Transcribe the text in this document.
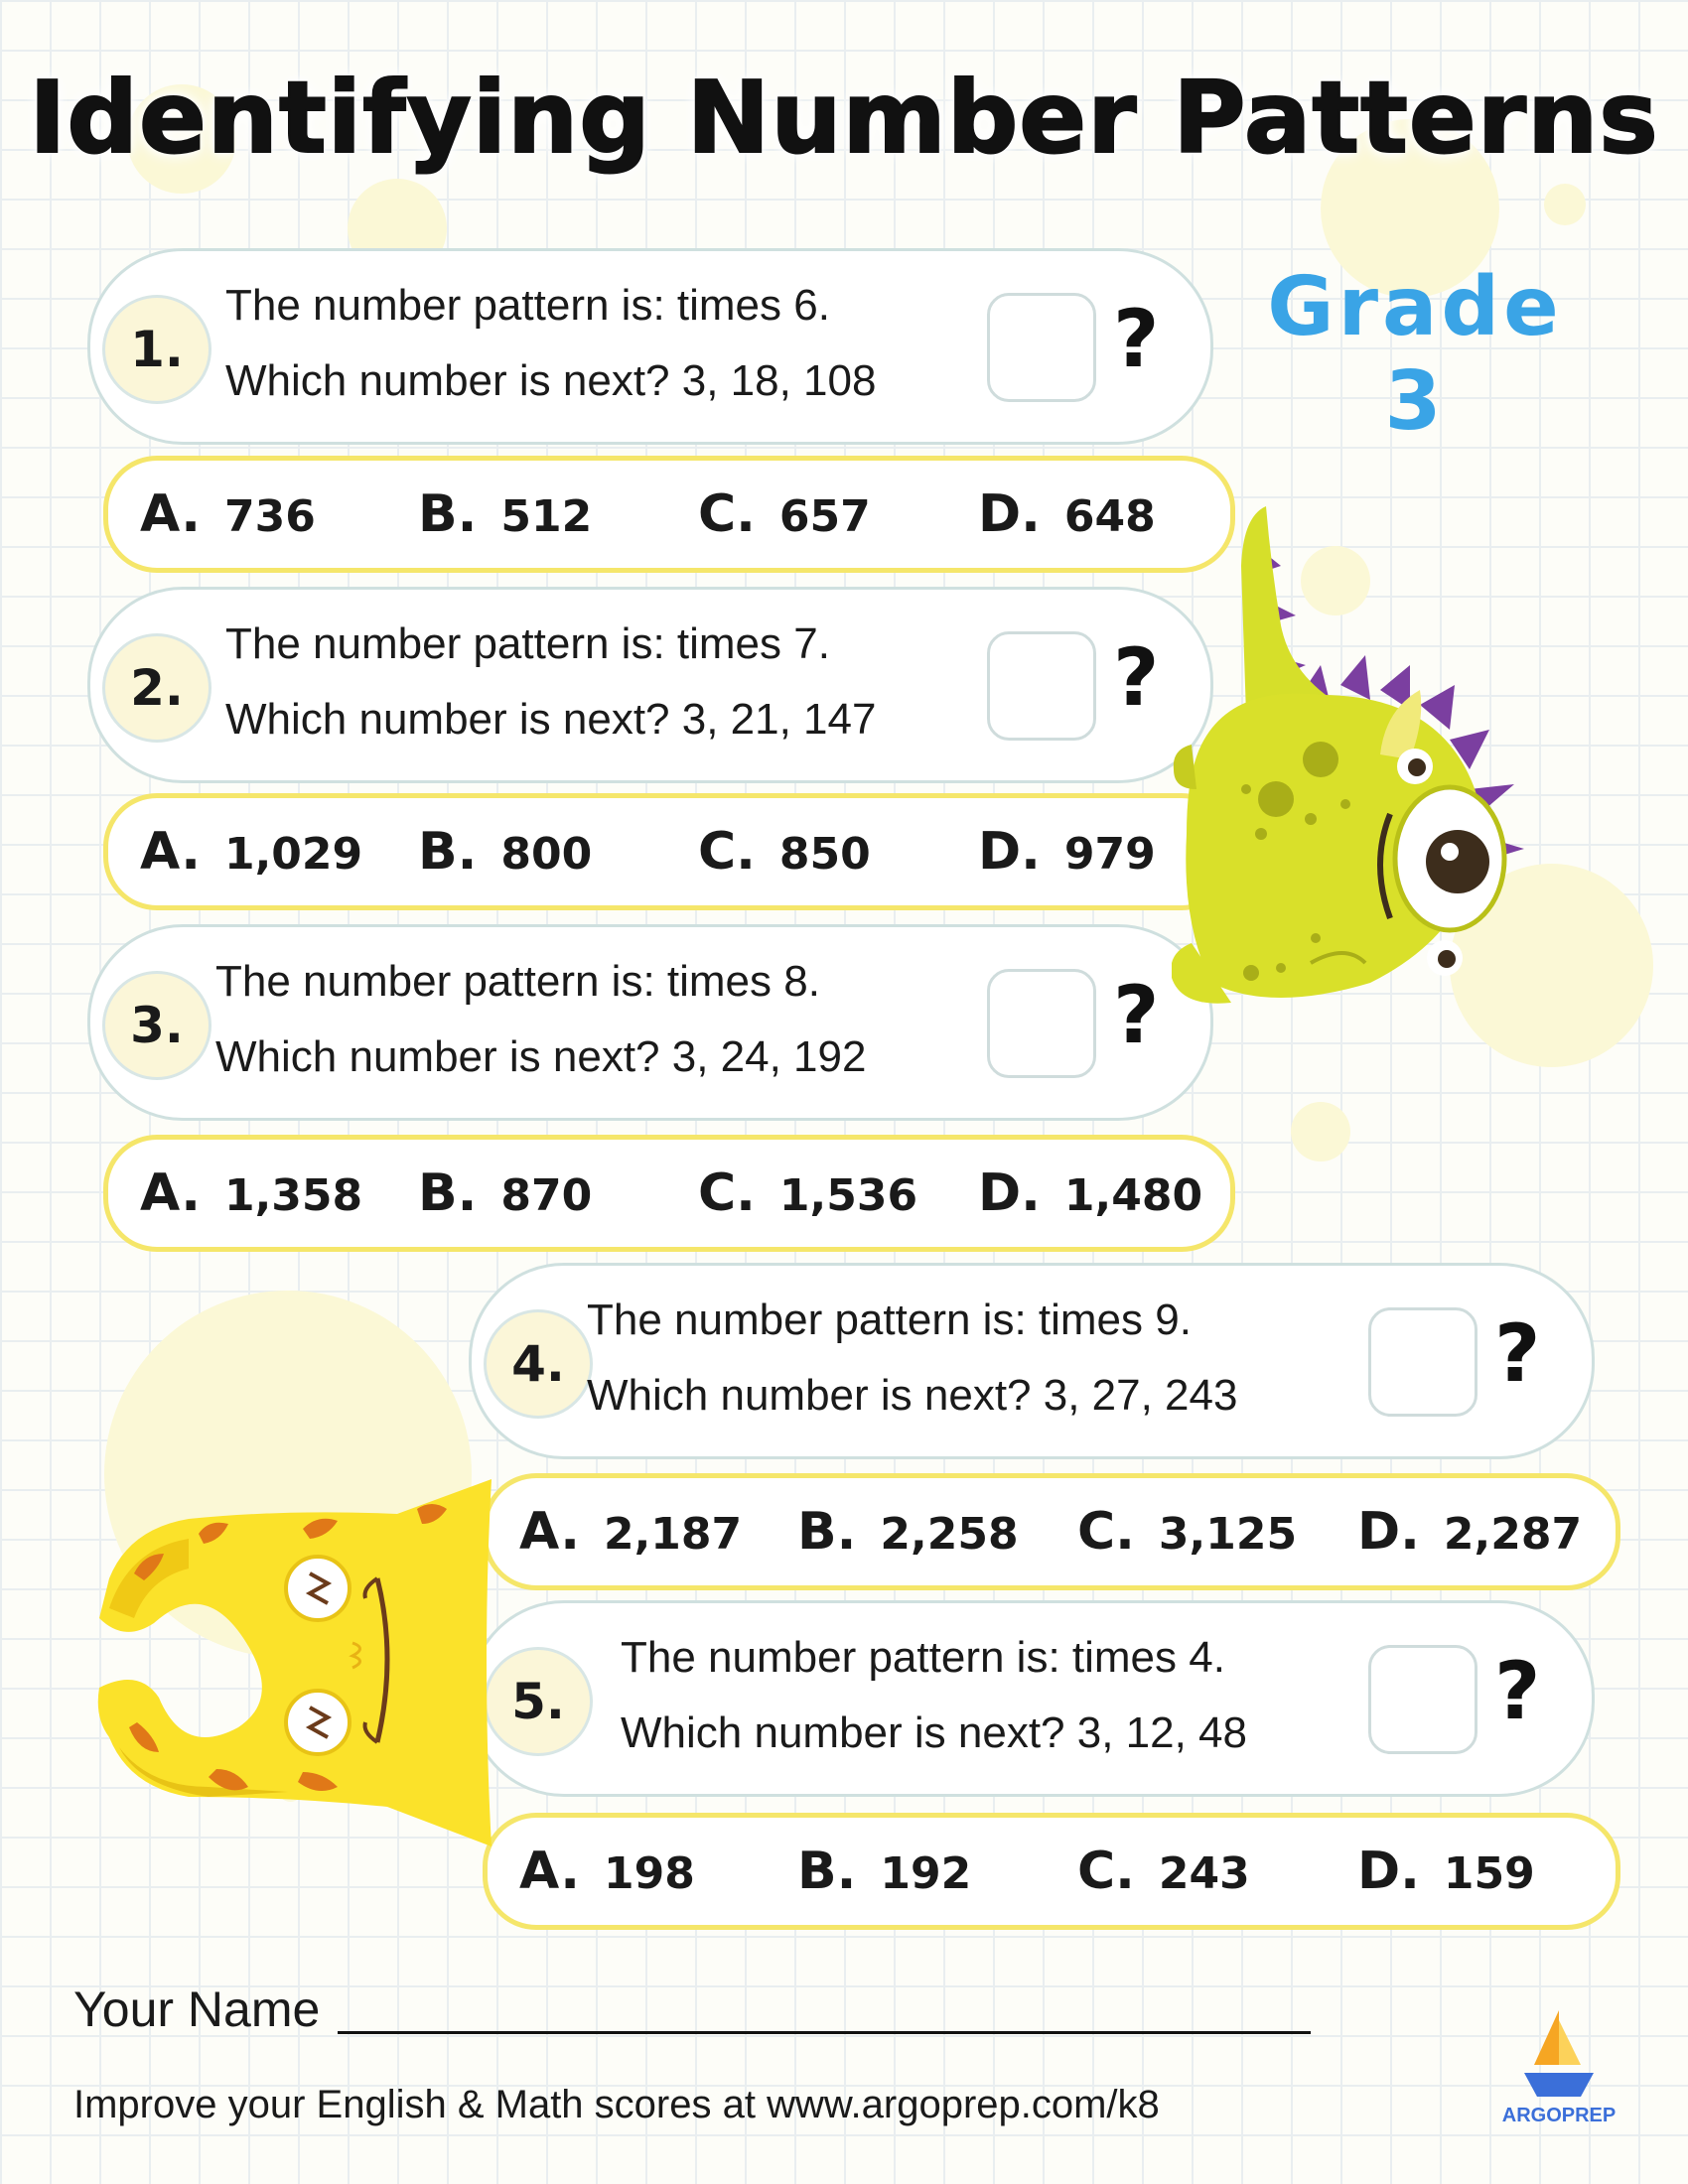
Identifying Number Patterns
Grade 3
1.
The number pattern is: times 6.
Which number is next? 3, 18, 108	?
A. 736 B. 512 C. 657 D. 648
2.
The number pattern is: times 7.
Which number is next? 3, 21, 147	?
A. 1,029 B. 800 C. 850 D. 979
3.
The number pattern is: times 8.
Which number is next? 3, 24, 192	?
A. 1,358 B. 870 C. 1,536 D. 1,480
4.
The number pattern is: times 9.
Which number is next? 3, 27, 243	?
A. 2,187 B. 2,258 C. 3,125 D. 2,287
5.
The number pattern is: times 4.
Which number is next? 3, 12, 48	?
A. 198 B. 192 C. 243 D. 159
Your Name
Improve your English & Math scores at www.argoprep.com/k8	ARGOPREP
